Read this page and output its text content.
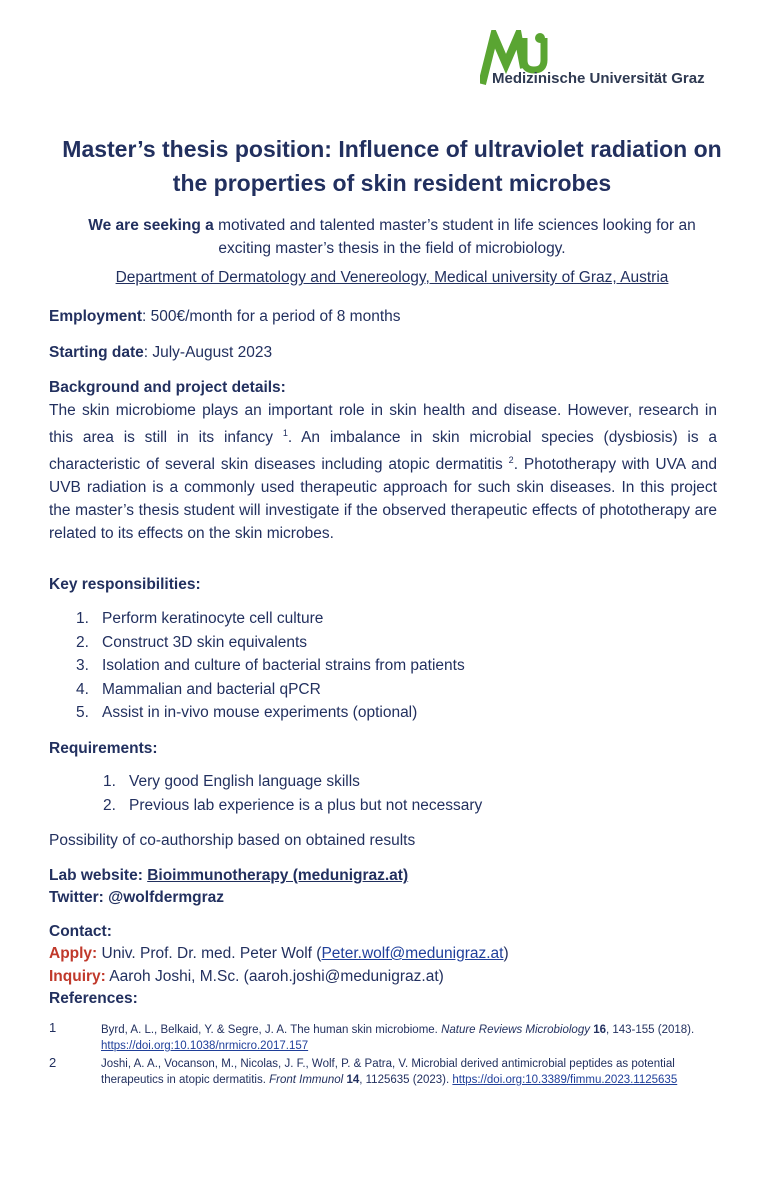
Medizinische Universität Graz
Master’s thesis position: Influence of ultraviolet radiation on
the properties of skin resident microbes
We are seeking a motivated and talented master’s student in life sciences looking for an
exciting master’s thesis in the field of microbiology.
Department of Dermatology and Venereology, Medical university of Graz, Austria
Employment: 500€/month for a period of 8 months
Starting date: July-August 2023
Background and project details:
The skin microbiome plays an important role in skin health and disease. However, research in this area is still in its infancy $^1$. An imbalance in skin microbial species (dysbiosis) is a characteristic of several skin diseases including atopic dermatitis $^2$. Phototherapy with UVA and UVB radiation is a commonly used therapeutic approach for such skin diseases. In this project the master’s thesis student will investigate if the observed therapeutic effects of phototherapy are related to its effects on the skin microbes.
Key responsibilities:
1. Perform keratinocyte cell culture
2. Construct 3D skin equivalents
3. Isolation and culture of bacterial strains from patients
4. Mammalian and bacterial qPCR
5. Assist in in-vivo mouse experiments (optional)
Requirements:
1. Very good English language skills
2. Previous lab experience is a plus but not necessary
Possibility of co-authorship based on obtained results
Lab website: Bioimmunotherapy (medunigraz.at)
Twitter: @wolfdermgraz
Contact:
Apply: Univ. Prof. Dr. med. Peter Wolf (Peter.wolf@medunigraz.at)
Inquiry: Aaroh Joshi, M.Sc. (aaroh.joshi@medunigraz.at)
References:
1	Byrd, A. L., Belkaid, Y. & Segre, J. A. The human skin microbiome. Nature Reviews Microbiology 16, 143-155 (2018).
https://doi.org:10.1038/nrmicro.2017.157
2	Joshi, A. A., Vocanson, M., Nicolas, J. F., Wolf, P. & Patra, V. Microbial derived antimicrobial peptides as potential therapeutics in atopic dermatitis. Front Immunol 14, 1125635 (2023). https://doi.org:10.3389/fimmu.2023.1125635
